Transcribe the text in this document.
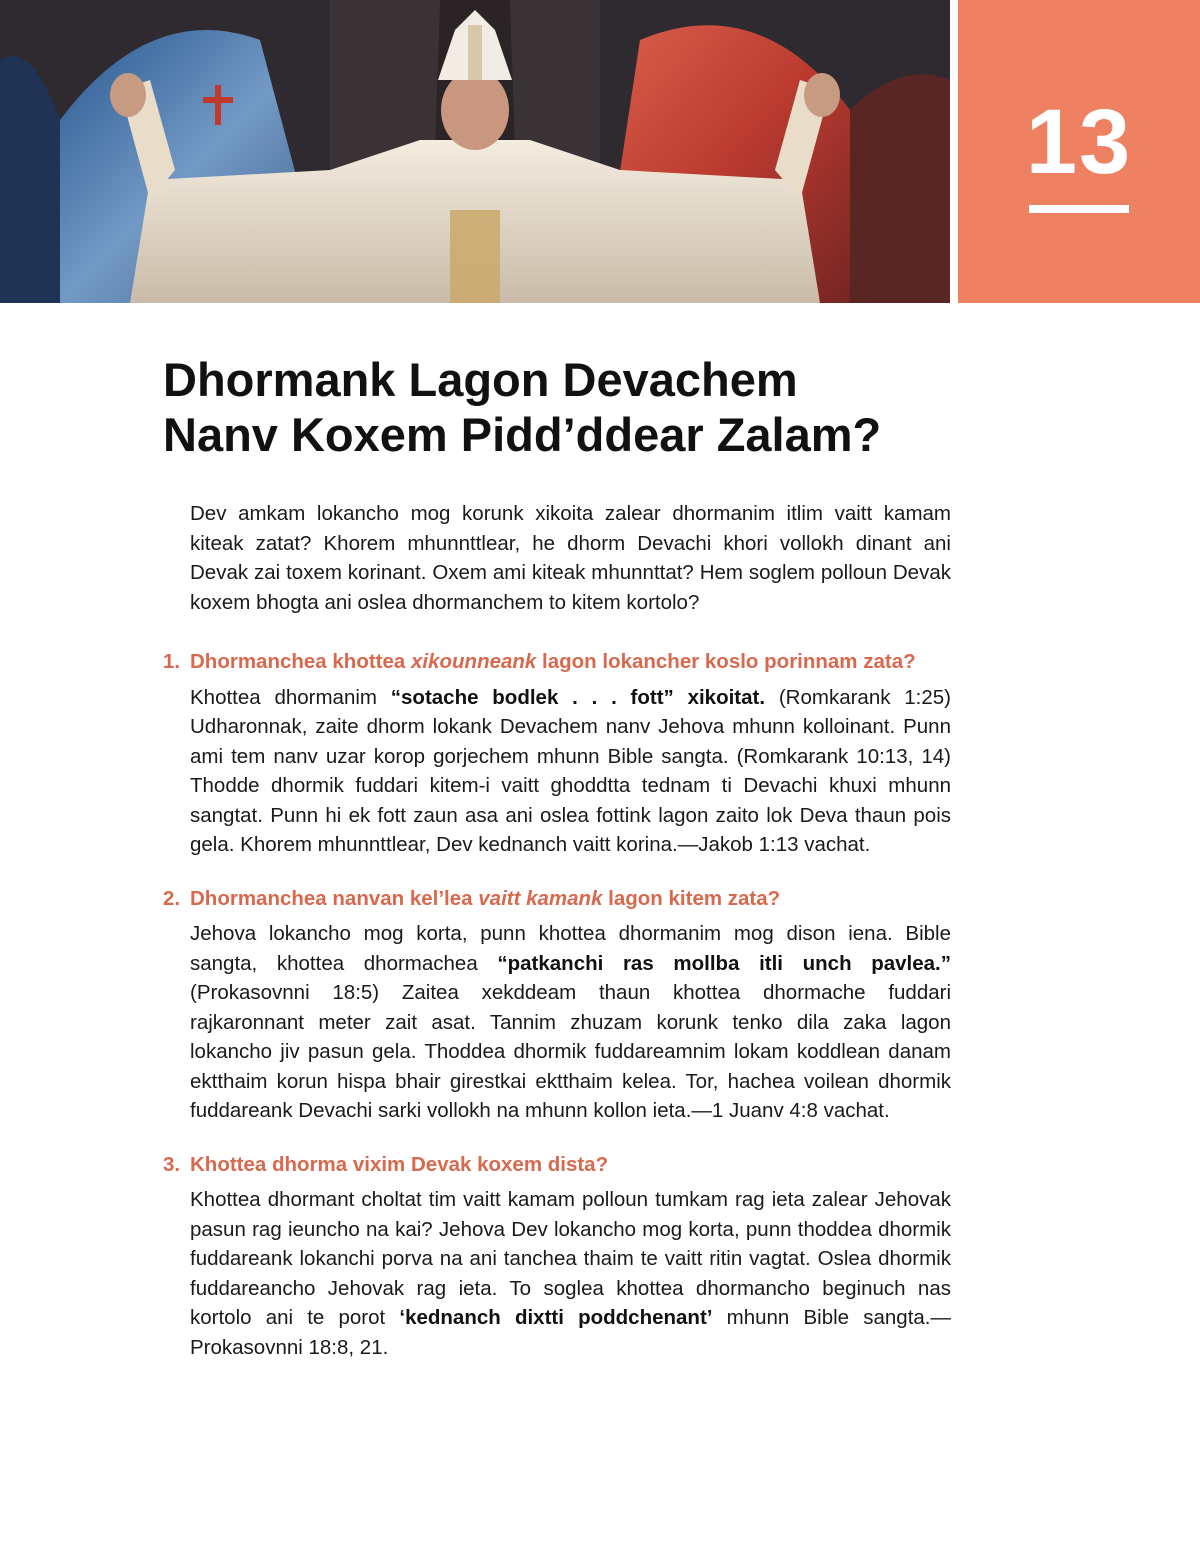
13
Dhormank Lagon Devachem
Nanv Koxem Pidd’ddear Zalam?

Dev amkam lokancho mog korunk xikoita zalear dhormanim itlim vaitt kamam kiteak zatat? Khorem mhunnttlear, he dhorm Devachi khori vollokh dinant ani Devak zai toxem korinant. Oxem ami kiteak mhunnttat? Hem soglem polloun Devak koxem bhogta ani oslea dhormanchem to kitem kortolo?

1. Dhormanchea khottea xikounneank lagon lokancher koslo porinnam zata?

Khottea dhormanim “sotache bodlek . . . fott” xikoitat. (Romkarank 1:25) Udharonnak, zaite dhorm lokank Devachem nanv Jehova mhunn kolloinant. Punn ami tem nanv uzar korop gorjechem mhunn Bible sangta. (Romkarank 10:13, 14) Thodde dhormik fuddari kitem-i vaitt ghoddtta tednam ti Devachi khuxi mhunn sangtat. Punn hi ek fott zaun asa ani oslea fottink lagon zaito lok Deva thaun pois gela. Khorem mhunnttlear, Dev kednanch vaitt korina.—Jakob 1:13 vachat.

2. Dhormanchea nanvan kel’lea vaitt kamank lagon kitem zata?

Jehova lokancho mog korta, punn khottea dhormanim mog dison iena. Bible sangta, khottea dhormachea “patkanchi ras mollba itli unch pavlea.” (Prokasovnni 18:5) Zaitea xekddeam thaun khottea dhormache fuddari rajkaronnant meter zait asat. Tannim zhuzam korunk tenko dila zaka lagon lokancho jiv pasun gela. Thoddea dhormik fuddareamnim lokam koddlean danam ektthaim korun hispa bhair girestkai ektthaim kelea. Tor, hachea voilean dhormik fuddareank Devachi sarki vollokh na mhunn kollon ieta.—1 Juanv 4:8 vachat.

3. Khottea dhorma vixim Devak koxem dista?

Khottea dhormant choltat tim vaitt kamam polloun tumkam rag ieta zalear Jehovak pasun rag ieuncho na kai? Jehova Dev lokancho mog korta, punn thoddea dhormik fuddareank lokanchi porva na ani tanchea thaim te vaitt ritin vagtat. Oslea dhormik fuddareancho Jehovak rag ieta. To soglea khottea dhormancho beginuch nas kortolo ani te porot ‘kednanch dixtti poddchenant’ mhunn Bible sangta.—Prokasovnni 18:8, 21.
